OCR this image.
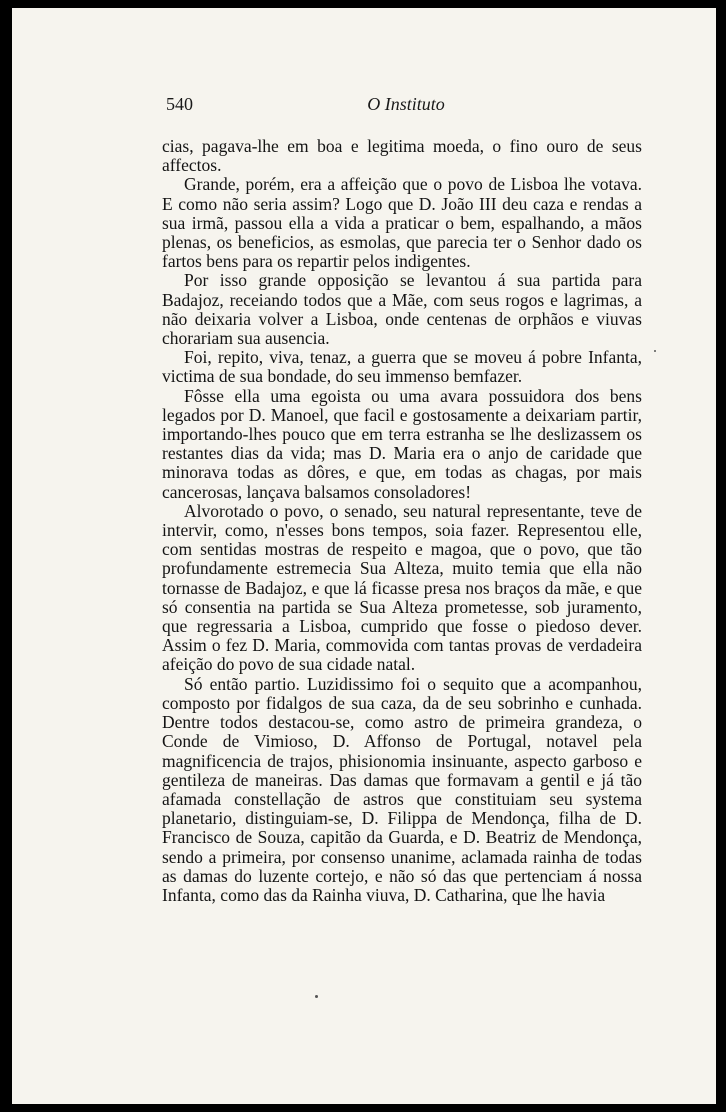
540	O Instituto

cias, pagava-lhe em boa e legitima moeda, o fino ouro de seus affectos.

Grande, porém, era a affeição que o povo de Lisboa lhe votava. E como não seria assim? Logo que D. João III deu caza e rendas a sua irmã, passou ella a vida a praticar o bem, espalhando, a mãos plenas, os beneficios, as esmolas, que parecia ter o Senhor dado os fartos bens para os repartir pelos indigentes.

Por isso grande opposição se levantou á sua partida para Badajoz, receiando todos que a Mãe, com seus rogos e lagrimas, a não deixaria volver a Lisboa, onde centenas de orphãos e viuvas chorariam sua ausencia.

Foi, repito, viva, tenaz, a guerra que se moveu á pobre Infanta, victima de sua bondade, do seu immenso bemfazer.

Fôsse ella uma egoista ou uma avara possuidora dos bens legados por D. Manoel, que facil e gostosamente a deixariam partir, importando-lhes pouco que em terra estranha se lhe deslizassem os restantes dias da vida; mas D. Maria era o anjo de caridade que minorava todas as dôres, e que, em todas as chagas, por mais cancerosas, lançava balsamos consoladores!

Alvorotado o povo, o senado, seu natural representante, teve de intervir, como, n'esses bons tempos, soia fazer. Representou elle, com sentidas mostras de respeito e magoa, que o povo, que tão profundamente estremecia Sua Alteza, muito temia que ella não tornasse de Badajoz, e que lá ficasse presa nos braços da mãe, e que só consentia na partida se Sua Alteza prometesse, sob juramento, que regressaria a Lisboa, cumprido que fosse o piedoso dever. Assim o fez D. Maria, commovida com tantas provas de verdadeira afeição do povo de sua cidade natal.

Só então partio. Luzidissimo foi o sequito que a acompanhou, composto por fidalgos de sua caza, da de seu sobrinho e cunhada. Dentre todos destacou-se, como astro de primeira grandeza, o Conde de Vimioso, D. Affonso de Portugal, notavel pela magnificencia de trajos, phisionomia insinuante, aspecto garboso e gentileza de maneiras. Das damas que formavam a gentil e já tão afamada constellação de astros que constituiam seu systema planetario, distinguiam-se, D. Filippa de Mendonça, filha de D. Francisco de Souza, capitão da Guarda, e D. Beatriz de Mendonça, sendo a primeira, por consenso unanime, aclamada rainha de todas as damas do luzente cortejo, e não só das que pertenciam á nossa Infanta, como das da Rainha viuva, D. Catharina, que lhe havia
